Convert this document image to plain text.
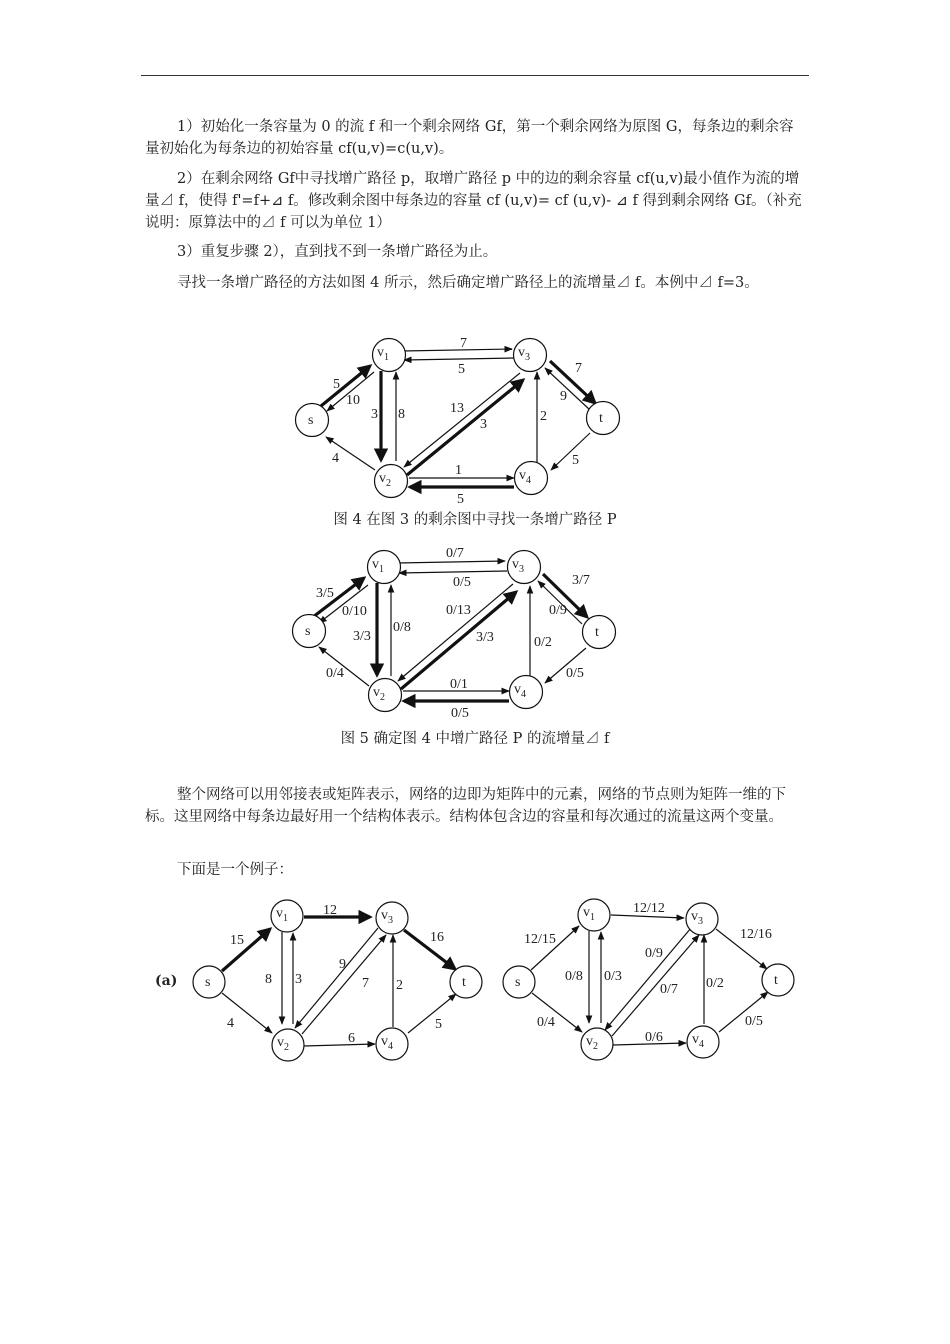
1）初始化一条容量为 0 的流 f 和一个剩余网络 Gf，第一个剩余网络为原图 G，每条边的剩余容量初始化为每条边的初始容量 cf(u,v)=c(u,v)。

2）在剩余网络 Gf中寻找增广路径 p，取增广路径 p 中的边的剩余容量 cf(u,v)最小值作为流的增量⊿ f，使得 f'=f+⊿ f。修改剩余图中每条边的容量 cf (u,v)= cf (u,v)- ⊿ f 得到剩余网络 Gf。（补充说明：原算法中的⊿ f 可以为单位 1）

3）重复步骤 2），直到找不到一条增广路径为止。

寻找一条增广路径的方法如图 4 所示，然后确定增广路径上的流增量⊿ f。本例中⊿ f=3。

s	t
$v_1$
$v_2$
$v_3$
$v_4$
7
5	7
9
5
10
3 8	13
3
2
4	5
1
5

图 4 在图 3 的剩余图中寻找一条增广路径 P

s	t
$v_1$
$v_2$
$v_3$
$v_4$
0/7
0/5	3/7
0/9
3/5
0/10
3/3
0/8
0/13
3/3	0/2
0/4	0/5
0/1
0/5

图 5 确定图 4 中增广路径 P 的流增量⊿ f

整个网络可以用邻接表或矩阵表示，网络的边即为矩阵中的元素，网络的节点则为矩阵一维的下标。这里网络中每条边最好用一个结构体表示。结构体包含边的容量和每次通过的流量这两个变量。

下面是一个例子：

(a) s	t
$v_1$
$v_2$
$v_3$
$v_4$
12
16
15
8 3
9
7 2
4
6
5
s	t
$v_1$
$v_2$
$v_3$
$v_4$
12/12
12/16
12/15
0/9
0/8 0/3
0/7 0/2
0/4
0/6
0/5
